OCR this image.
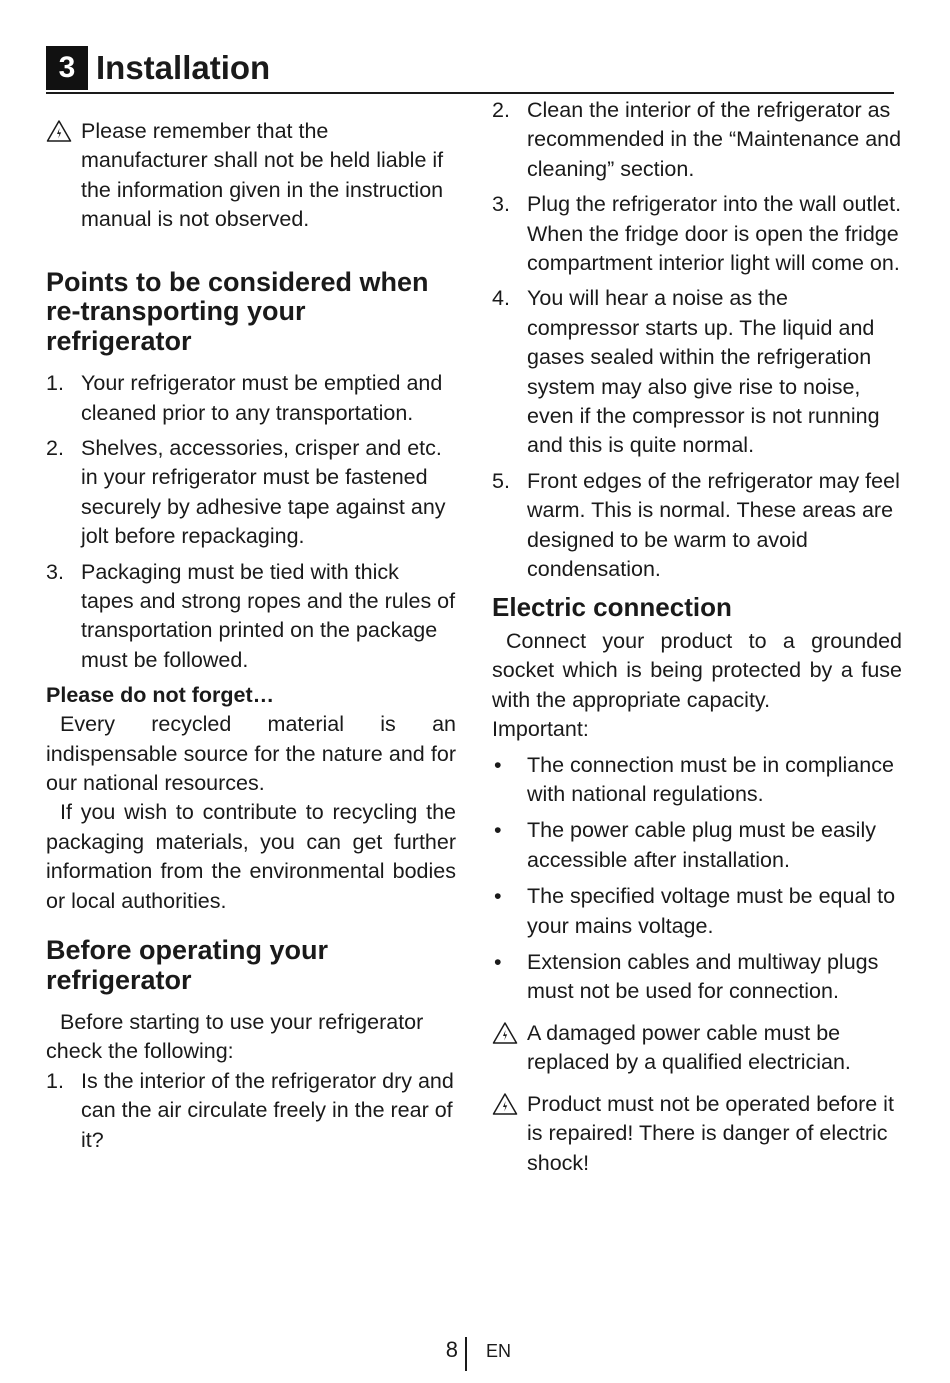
3 Installation

Please remember that the manufacturer shall not be held liable if the information given in the instruction manual is not observed.

Points to be considered when re-transporting your refrigerator
1. Your refrigerator must be emptied and cleaned prior to any transportation.
2. Shelves, accessories, crisper and etc. in your refrigerator must be fastened securely by adhesive tape against any jolt before repackaging.
3. Packaging must be tied with thick tapes and strong ropes and the rules of transportation printed on the package must be followed.
Please do not forget…

Every recycled material is an indispensable source for the nature and for our national resources.

If you wish to contribute to recycling the packaging materials, you can get further information from the environmental bodies or local authorities.

Before operating your refrigerator

Before starting to use your refrigerator check the following:

1. Is the interior of the refrigerator dry and can the air circulate freely in the rear of it?
2. Clean the interior of the refrigerator as recommended in the “Maintenance and cleaning” section.
3. Plug the refrigerator into the wall outlet. When the fridge door is open the fridge compartment interior light will come on.
4. You will hear a noise as the compressor starts up. The liquid and gases sealed within the refrigeration system may also give rise to noise, even if the compressor is not running and this is quite normal.
5. Front edges of the refrigerator may feel warm. This is normal. These areas are designed to be warm to avoid condensation.
Electric connection

Connect your product to a grounded socket which is being protected by a fuse with the appropriate capacity.

Important:

•	The connection must be in compliance with national regulations.
•	The power cable plug must be easily accessible after installation.
•	The specified voltage must be equal to your mains voltage.
•	Extension cables and multiway plugs must not be used for connection.

A damaged power cable must be replaced by a qualified electrician.

Product must not be operated before it is repaired! There is danger of electric shock!

8 EN
